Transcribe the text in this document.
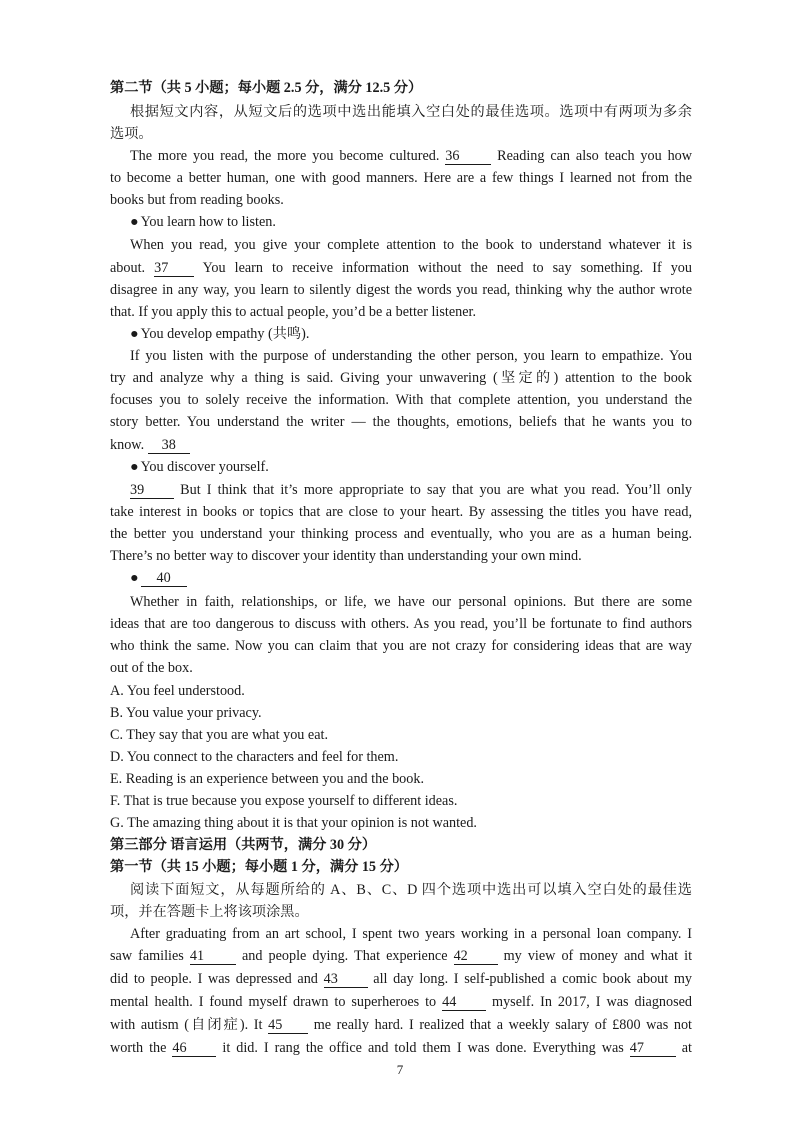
第二节（共 5 小题；每小题 2.5 分，满分 12.5 分）

根据短文内容，从短文后的选项中选出能填入空白处的最佳选项。选项中有两项为多余

选项。

The more you read, the more you become cultured. 36	Reading can also teach you how

to become a better human, one with good manners. Here are a few things I learned not from the

books but from reading books.

● You learn how to listen.

When you read, you give your complete attention to the book to understand whatever it is

about. 37 You learn to receive information without the need to say something. If you

disagree in any way, you learn to silently digest the words you read, thinking why the author wrote

that. If you apply this to actual people, you’d be a better listener.

● You develop empathy (共鸣).

If you listen with the purpose of understanding the other person, you learn to empathize. You

try and analyze why a thing is said. Giving your unwavering (坚定的) attention to the book

focuses you to solely receive the information. With that complete attention, you understand the

story better. You understand the writer — the thoughts, emotions, beliefs that he wants you to

know. 38

● You discover yourself.

39	But I think that it’s more appropriate to say that you are what you read. You’ll only

take interest in books or topics that are close to your heart. By assessing the titles you have read,

the better you understand your thinking process and eventually, who you are as a human being.

There’s no better way to discover your identity than understanding your own mind.

● 40

Whether in faith, relationships, or life, we have our personal opinions. But there are some

ideas that are too dangerous to discuss with others. As you read, you’ll be fortunate to find authors

who think the same. Now you can claim that you are not crazy for considering ideas that are way

out of the box.

A. You feel understood.

B. You value your privacy.

C. They say that you are what you eat.

D. You connect to the characters and feel for them.

E. Reading is an experience between you and the book.

F. That is true because you expose yourself to different ideas.

G. The amazing thing about it is that your opinion is not wanted.

第三部分 语言运用（共两节，满分 30 分）

第一节（共 15 小题；每小题 1 分，满分 15 分）

阅读下面短文，从每题所给的 A、B、C、D 四个选项中选出可以填入空白处的最佳选

项，并在答题卡上将该项涂黑。

After graduating from an art school, I spent two years working in a personal loan company. I

saw families 41	and people dying. That experience 42	my view of money and what it

did to people. I was depressed and 43	all day long. I self-published a comic book about my

mental health. I found myself drawn to superheroes to 44	myself. In 2017, I was diagnosed

with autism (自闭症). It 45 me really hard. I realized that a weekly salary of £800 was not

worth the 46	it did. I rang the office and told them I was done. Everything was 47	at

7
